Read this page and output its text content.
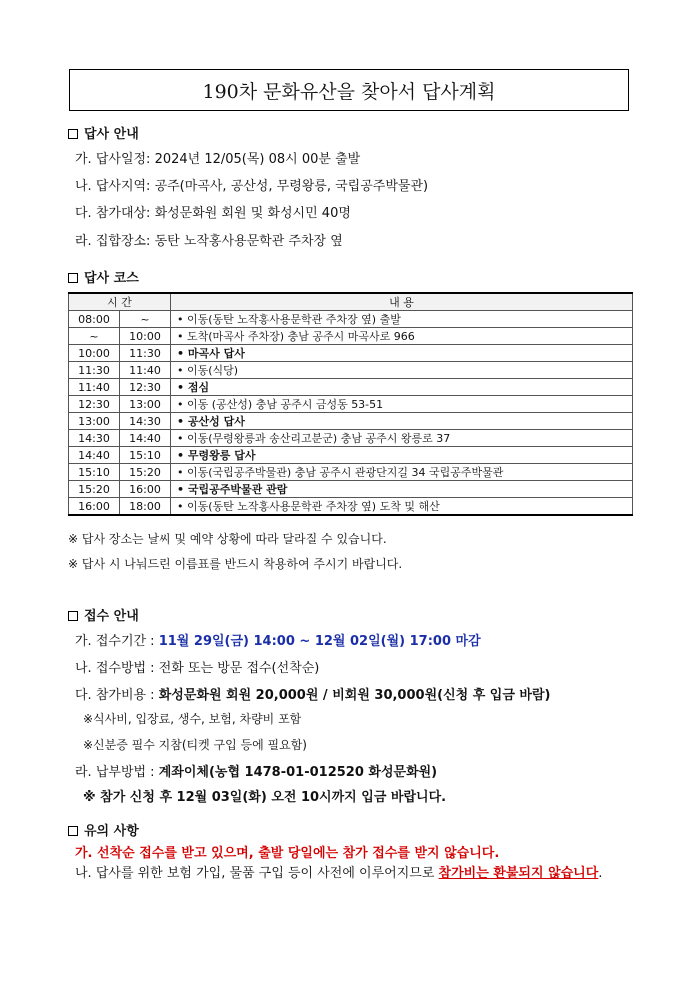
190차 문화유산을 찾아서 답사계획
답사 안내
가. 답사일정: 2024년 12/05(목) 08시 00분 출발
나. 답사지역: 공주(마곡사, 공산성, 무령왕릉, 국립공주박물관)
다. 참가대상: 화성문화원 회원 및 화성시민 40명
라. 집합장소: 동탄 노작홍사용문학관 주차장 옆
답사 코스
시 간		내 용
08:00	~	• 이동(동탄 노작홍사용문학관 주차장 옆) 출발
~	10:00	• 도착(마곡사 주차장) 충남 공주시 마곡사로 966
10:00	11:30	• 마곡사 답사
11:30	11:40	• 이동(식당)
11:40	12:30	• 점심
12:30	13:00	• 이동 (공산성) 충남 공주시 금성동 53-51
13:00	14:30	• 공산성 답사
14:30	14:40	• 이동(무령왕릉과 송산리고분군) 충남 공주시 왕릉로 37
14:40	15:10	• 무령왕릉 답사
15:10	15:20	• 이동(국립공주박물관) 충남 공주시 관광단지길 34 국립공주박물관
15:20	16:00	• 국립공주박물관 관람
16:00	18:00	• 이동(동탄 노작홍사용문학관 주차장 옆) 도착 및 해산
※ 답사 장소는 날씨 및 예약 상황에 따라 달라질 수 있습니다.
※ 답사 시 나눠드린 이름표를 반드시 착용하여 주시기 바랍니다.
접수 안내
가. 접수기간 : 11월 29일(금) 14:00 ~ 12월 02일(월) 17:00 마감
나. 접수방법 : 전화 또는 방문 접수(선착순)
다. 참가비용 : 화성문화원 회원 20,000원 / 비회원 30,000원(신청 후 입금 바람)
※식사비, 입장료, 생수, 보험, 차량비 포함
※신분증 필수 지참(티켓 구입 등에 필요함)
라. 납부방법 : 계좌이체(농협 1478-01-012520 화성문화원)
※ 참가 신청 후 12월 03일(화) 오전 10시까지 입금 바랍니다.
유의 사항
가. 선착순 접수를 받고 있으며, 출발 당일에는 참가 접수를 받지 않습니다.
나. 답사를 위한 보험 가입, 물품 구입 등이 사전에 이루어지므로 참가비는 환불되지 않습니다.
